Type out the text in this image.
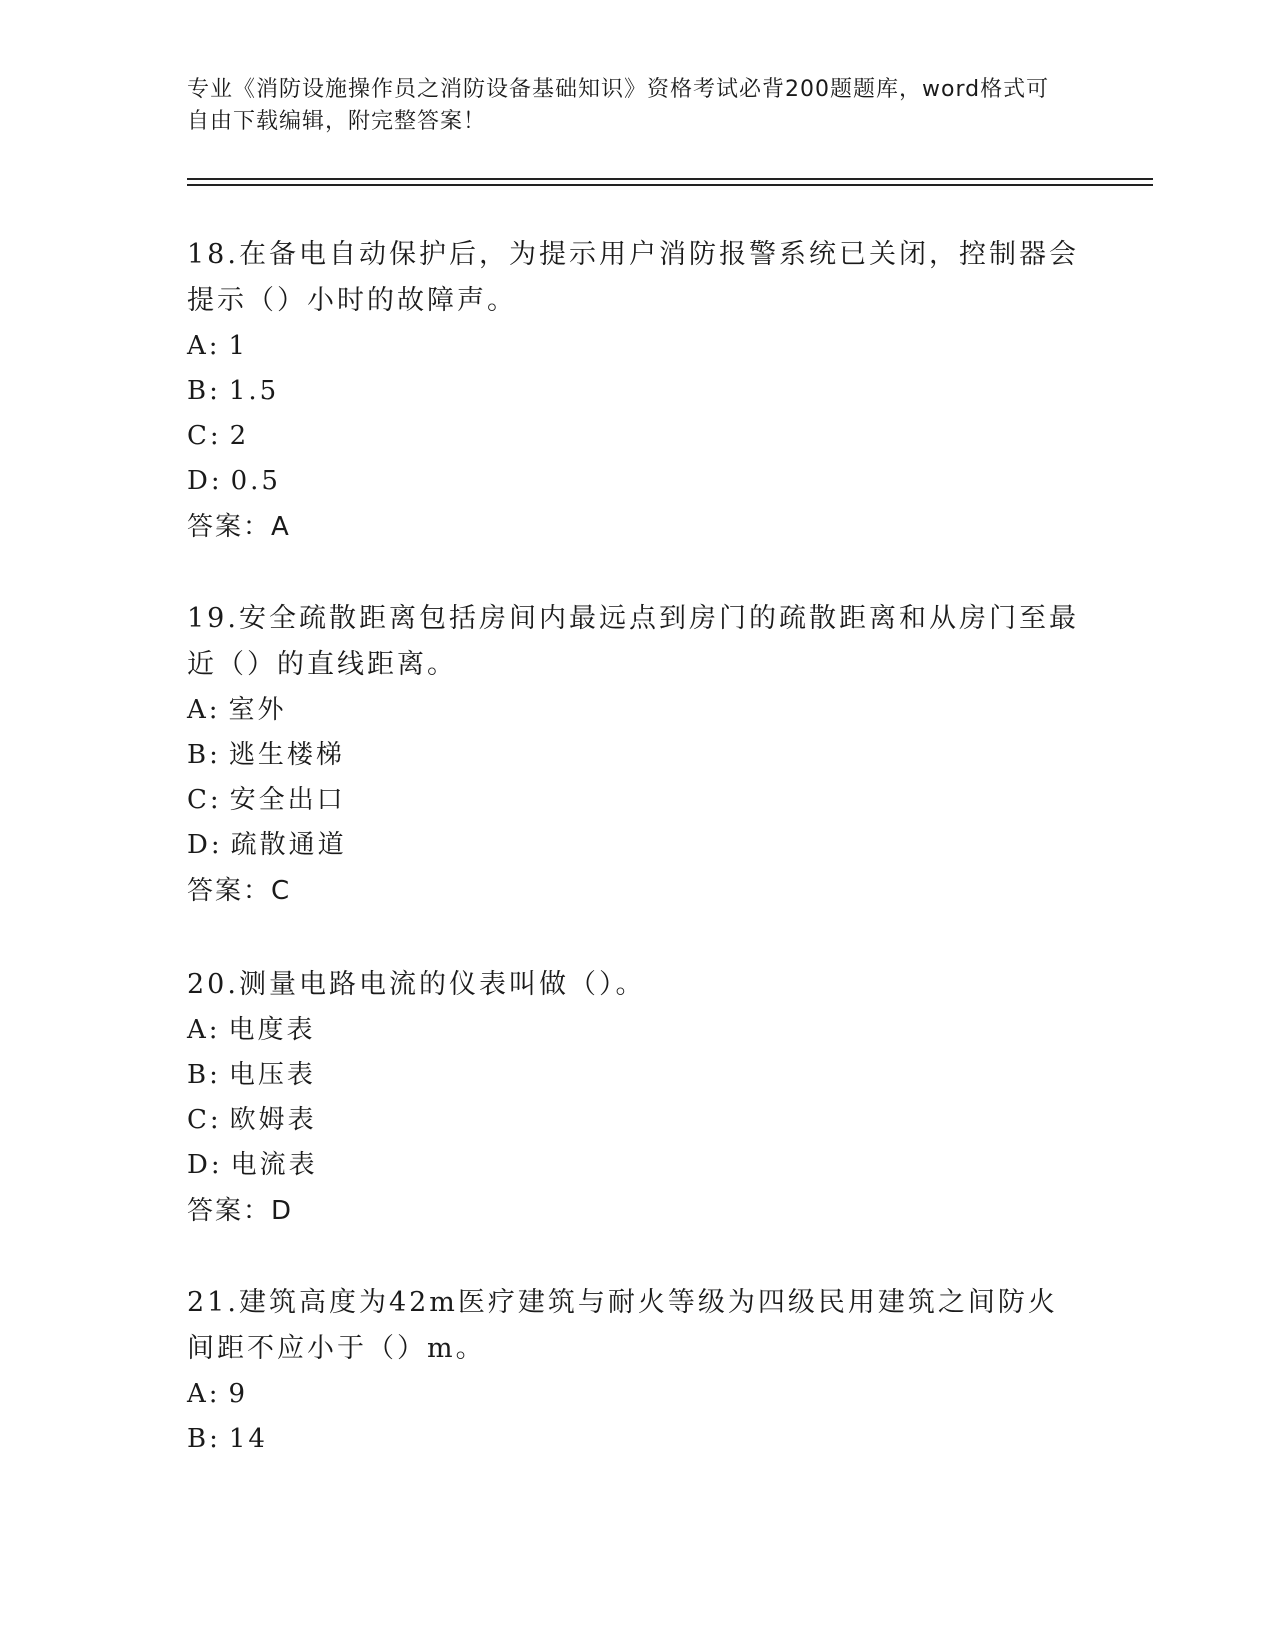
专业《消防设施操作员之消防设备基础知识》资格考试必背200题题库，word格式可自由下载编辑，附完整答案！

18.在备电自动保护后，为提示用户消防报警系统已关闭，控制器会提示（）小时的故障声。

A: 1

B: 1.5

C: 2

D: 0.5

答案：A

19.安全疏散距离包括房间内最远点到房门的疏散距离和从房门至最近（）的直线距离。

A: 室外

B: 逃生楼梯

C: 安全出口

D: 疏散通道

答案：C

20.测量电路电流的仪表叫做（）。

A: 电度表

B: 电压表

C: 欧姆表

D: 电流表

答案：D

21.建筑高度为42m医疗建筑与耐火等级为四级民用建筑之间防火间距不应小于（）m。

A: 9

B: 14
